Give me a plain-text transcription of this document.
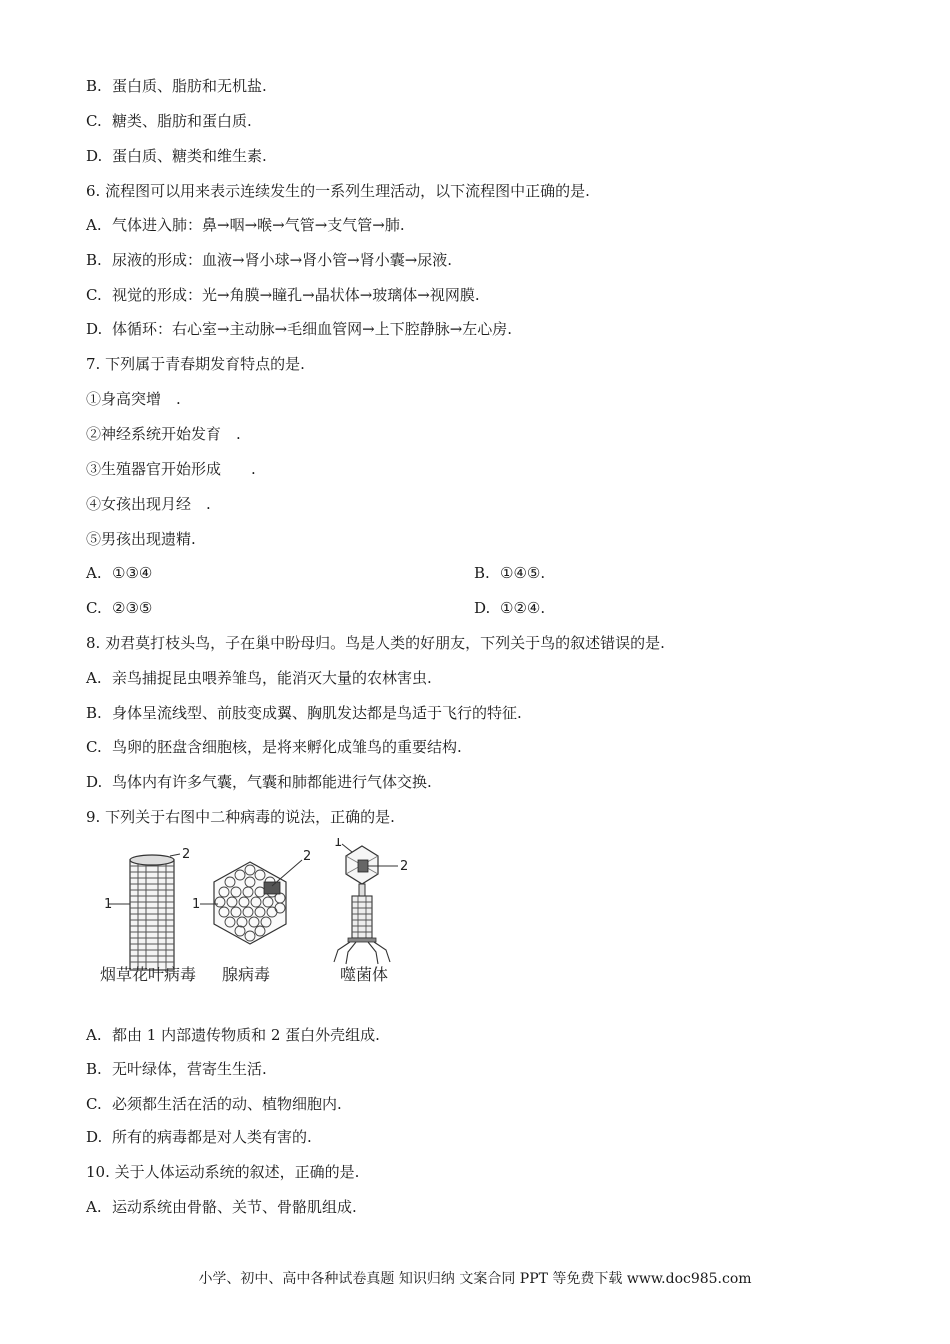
B. 蛋白质、脂肪和无机盐.
C. 糖类、脂肪和蛋白质.
D. 蛋白质、糖类和维生素.
6. 流程图可以用来表示连续发生的一系列生理活动，以下流程图中正确的是.
A. 气体进入肺：鼻→咽→喉→气管→支气管→肺.
B. 尿液的形成：血液→肾小球→肾小管→肾小囊→尿液.
C. 视觉的形成：光→角膜→瞳孔→晶状体→玻璃体→视网膜.
D. 体循环：右心室→主动脉→毛细血管网→上下腔静脉→左心房.
7. 下列属于青春期发育特点的是.
①身高突增　.
②神经系统开始发育　.
③生殖器官开始形成　　.
④女孩出现月经　.
⑤男孩出现遗精.
A. ①③④	B. ①④⑤.
C. ②③⑤	D. ①②④.
8. 劝君莫打枝头鸟，子在巢中盼母归。鸟是人类的好朋友，下列关于鸟的叙述错误的是.
A. 亲鸟捕捉昆虫喂养雏鸟，能消灭大量的农林害虫.
B. 身体呈流线型、前肢变成翼、胸肌发达都是鸟适于飞行的特征.
C. 鸟卵的胚盘含细胞核，是将来孵化成雏鸟的重要结构.
D. 鸟体内有许多气囊，气囊和肺都能进行气体交换.
9. 下列关于右图中二种病毒的说法，正确的是.
1
2
1
2
1
2
烟草花叶病毒 腺病毒	噬菌体
A. 都由 1 内部遗传物质和 2 蛋白外壳组成.
B. 无叶绿体，营寄生生活.
C. 必须都生活在活的动、植物细胞内.
D. 所有的病毒都是对人类有害的.
10. 关于人体运动系统的叙述，正确的是.
A. 运动系统由骨骼、关节、骨骼肌组成.
小学、初中、高中各种试卷真题 知识归纳 文案合同 PPT 等免费下载 www.doc985.com
